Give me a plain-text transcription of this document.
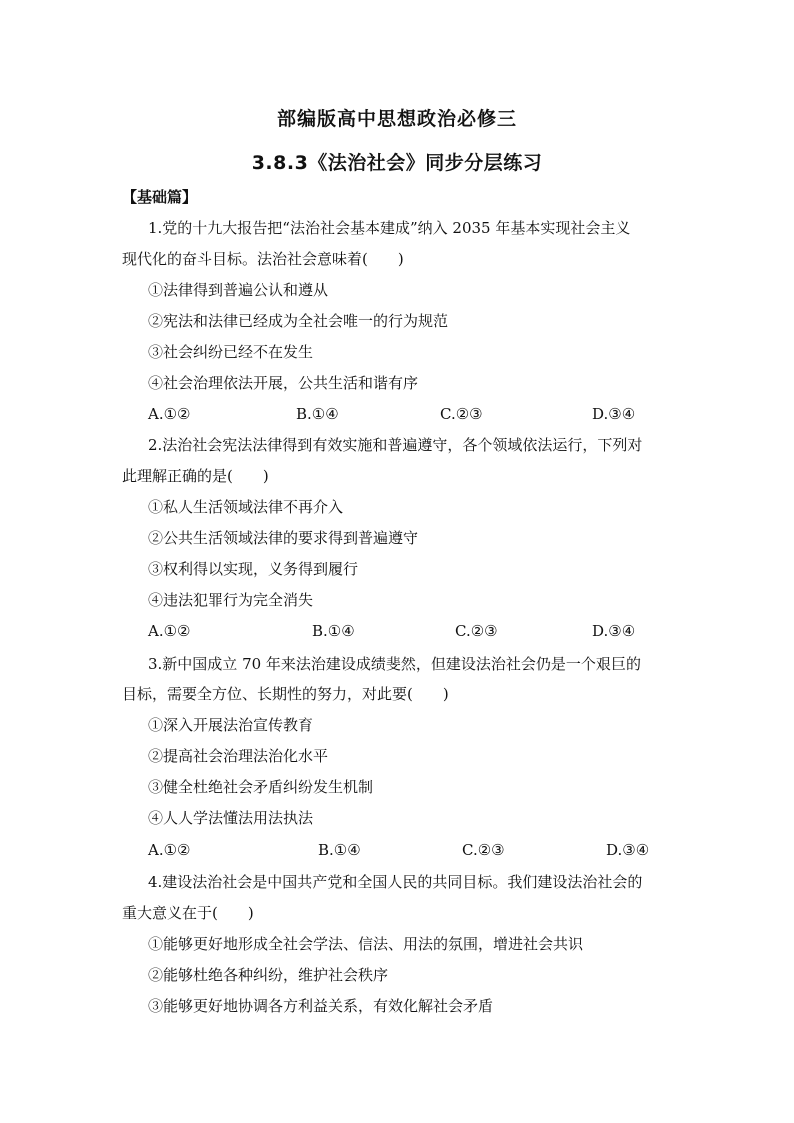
部编版高中思想政治必修三
3.8.3《法治社会》同步分层练习
【基础篇】
1.党的十九大报告把“法治社会基本建成”纳入 2035 年基本实现社会主义
现代化的奋斗目标。法治社会意味着(　　)
①法律得到普遍公认和遵从
②宪法和法律已经成为全社会唯一的行为规范
③社会纠纷已经不在发生
④社会治理依法开展，公共生活和谐有序
A.①②	B.①④	C.②③	D.③④
2.法治社会宪法法律得到有效实施和普遍遵守，各个领域依法运行，下列对
此理解正确的是(　　)
①私人生活领域法律不再介入
②公共生活领域法律的要求得到普遍遵守
③权利得以实现，义务得到履行
④违法犯罪行为完全消失
A.①②	B.①④	C.②③	D.③④
3.新中国成立 70 年来法治建设成绩斐然，但建设法治社会仍是一个艰巨的
目标，需要全方位、长期性的努力，对此要(　　)
①深入开展法治宣传教育
②提高社会治理法治化水平
③健全杜绝社会矛盾纠纷发生机制
④人人学法懂法用法执法
A.①②	B.①④	C.②③	D.③④
4.建设法治社会是中国共产党和全国人民的共同目标。我们建设法治社会的
重大意义在于(　　)
①能够更好地形成全社会学法、信法、用法的氛围，增进社会共识
②能够杜绝各种纠纷，维护社会秩序
③能够更好地协调各方利益关系，有效化解社会矛盾
